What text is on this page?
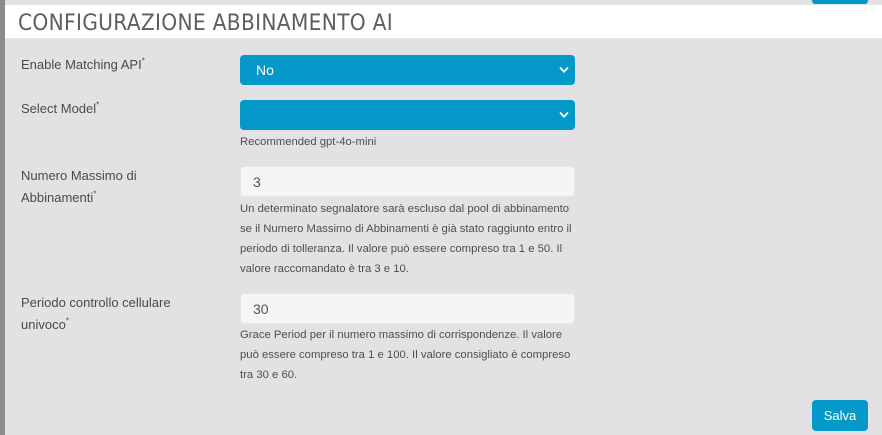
CONFIGURAZIONE ABBINAMENTO AI
Enable Matching API*
No
Select Model*
Recommended gpt-4o-mini
Numero Massimo di
Abbinamenti*
3
Un determinato segnalatore sarà escluso dal pool di abbinamento
se il Numero Massimo di Abbinamenti è già stato raggiunto entro il
periodo di tolleranza. Il valore può essere compreso tra 1 e 50. Il
valore raccomandato è tra 3 e 10.
Periodo controllo cellulare
univoco*
30
Grace Period per il numero massimo di corrispondenze. Il valore
può essere compreso tra 1 e 100. Il valore consigliato è compreso
tra 30 e 60.
Salva
